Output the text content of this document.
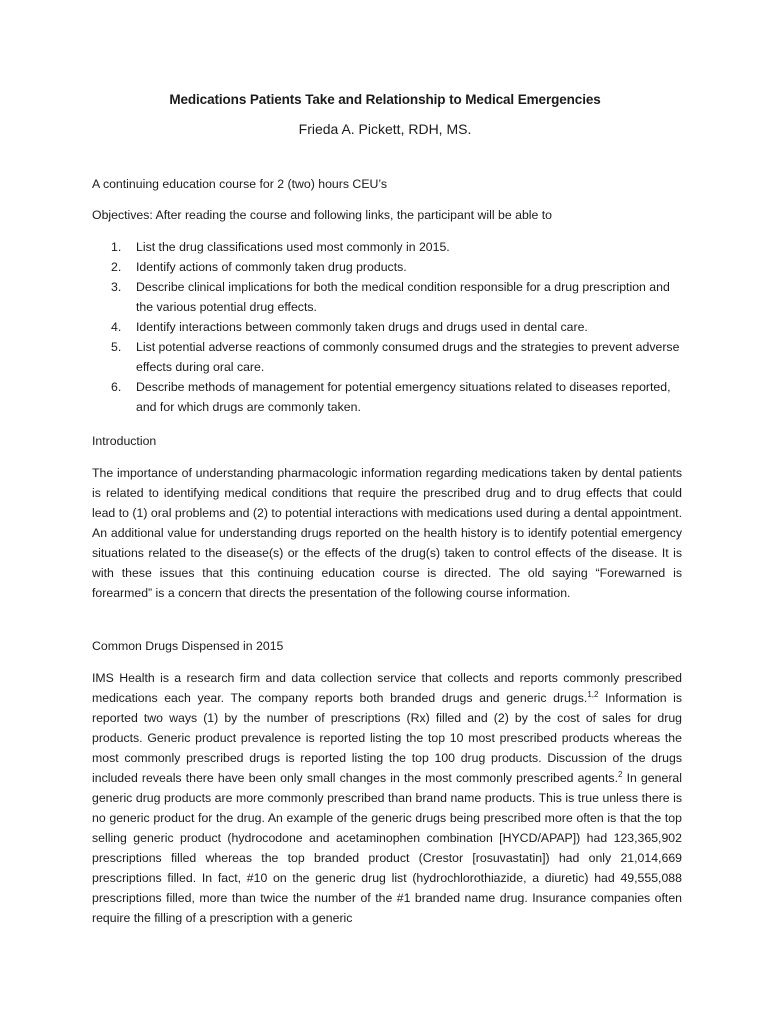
Medications Patients Take and Relationship to Medical Emergencies

Frieda A. Pickett, RDH, MS.

A continuing education course for 2 (two) hours CEU’s

Objectives: After reading the course and following links, the participant will be able to

1. List the drug classifications used most commonly in 2015.
2. Identify actions of commonly taken drug products.
3. Describe clinical implications for both the medical condition responsible for a drug prescription and the various potential drug effects.
4. Identify interactions between commonly taken drugs and drugs used in dental care.
5. List potential adverse reactions of commonly consumed drugs and the strategies to prevent adverse effects during oral care.
6. Describe methods of management for potential emergency situations related to diseases reported, and for which drugs are commonly taken.

Introduction

The importance of understanding pharmacologic information regarding medications taken by dental patients is related to identifying medical conditions that require the prescribed drug and to drug effects that could lead to (1) oral problems and (2) to potential interactions with medications used during a dental appointment. An additional value for understanding drugs reported on the health history is to identify potential emergency situations related to the disease(s) or the effects of the drug(s) taken to control effects of the disease. It is with these issues that this continuing education course is directed. The old saying “Forewarned is forearmed” is a concern that directs the presentation of the following course information.

Common Drugs Dispensed in 2015

IMS Health is a research firm and data collection service that collects and reports commonly prescribed medications each year. The company reports both branded drugs and generic drugs.$^{1,2}$ Information is reported two ways (1) by the number of prescriptions (Rx) filled and (2) by the cost of sales for drug products. Generic product prevalence is reported listing the top 10 most prescribed products whereas the most commonly prescribed drugs is reported listing the top 100 drug products. Discussion of the drugs included reveals there have been only small changes in the most commonly prescribed agents.$^2$ In general generic drug products are more commonly prescribed than brand name products. This is true unless there is no generic product for the drug. An example of the generic drugs being prescribed more often is that the top selling generic product (hydrocodone and acetaminophen combination [HYCD/APAP]) had 123,365,902 prescriptions filled whereas the top branded product (Crestor [rosuvastatin]) had only 21,014,669 prescriptions filled. In fact, #10 on the generic drug list (hydrochlorothiazide, a diuretic) had 49,555,088 prescriptions filled, more than twice the number of the #1 branded name drug. Insurance companies often require the filling of a prescription with a generic
